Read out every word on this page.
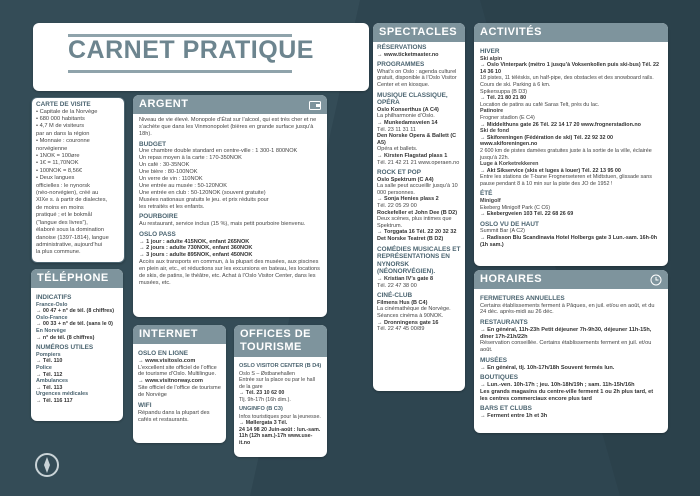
CARNET PRATIQUE
CARTE DE VISITE
• Capitale de la Norvège
• 680 000 habitants
• 4,7 M de visiteurs
par an dans la région
• Monnaie : couronne
norvégienne
• 1NOK = 100øre
• 1€ = 11,70NOK
• 100NOK = 8,56€
• Deux langues
officielles : le nynorsk
(néo-norvégien), créé au
XIXe s. à partir de dialectes,
de moins en moins
pratiqué ; et le bokmål
(“langue des livres”),
élaboré sous la domination
danoise (1397-1814), langue
administrative, aujourd’hui
la plus commune.
TÉLÉPHONE
INDICATIFS
France-Oslo
→ 00 47 + n° de tél. (8 chiffres)
Oslo-France
→ 00 33 + n° de tél. (sans le 0)
En Norvège
→ n° de tél. (8 chiffres)
NUMÉROS UTILES
Pompiers
→ Tél. 110
Police
→ Tél. 112
Ambulances
→ Tél. 113
Urgences médicales
→ Tél. 116 117
ARGENT

Niveau de vie élevé. Monopole d’État sur l’alcool, qui est très cher et ne s’achète que dans les Vinmonopolet (bières en grande surface jusqu’à 18h).

BUDGET
Une chambre double standard en centre-ville : 1 300-1 800NOK
Un repas moyen à la carte : 170-350NOK
Un café : 30-35NOK
Une bière : 80-100NOK
Un verre de vin : 110NOK
Une entrée au musée : 50-120NOK
Une entrée en club : 50-120NOK (souvent gratuite)
Musées nationaux gratuits le jeu. et prix réduits pour
les retraités et les enfants.
POURBOIRE

Au restaurant, service inclus (15 %), mais petit pourboire bienvenu.

OSLO PASS
→ 1 jour : adulte 415NOK, enfant 265NOK
→ 2 jours : adulte 730NOK, enfant 360NOK
→ 3 jours : adulte 895NOK, enfant 450NOK

Accès aux transports en commun, à la plupart des musées, aux piscines en plein air, etc., et réductions sur les excursions en bateau, les locations de skis, de patins, le théâtre, etc. Achat à l’Oslo Visitor Center, dans les musées, etc.

INTERNET
OSLO EN LIGNE
→ www.visitoslo.com

L’excellent site officiel de l’office de tourisme d’Oslo. Multilingue.

→ www.visitnorway.com

Site officiel de l’office de tourisme de Norvège

WIFI

Répandu dans la plupart des cafés et restaurants.

OFFICES DE TOURISME
OSLO VISITOR CENTER (B D4)
Oslo S – Østbanehallen
Entrée sur la place ou par le hall de la gare
→ Tél. 23 10 62 00

Tlj. 9h-17h (16h dim.).

UNGINFO (B C3)
Infos touristiques pour la jeunesse.
→ Møllergata 3 Tél.

24 14 98 20 Juin-août : lun.-sam. 11h (12h sam.)-17h www.use-it.no

SPECTACLES
RÉSERVATIONS
→ www.ticketmaster.no
PROGRAMMES
What’s on Oslo : agenda culturel gratuit, disponible à l’Oslo Visitor Center et en kiosque.
MUSIQUE CLASSIQUE, OPÉRA
Oslo Konserthus (A C4)
La philharmonie d’Oslo.
→ Munkedamsveien 14
Tél. 23 11 31 11
Den Norske Opera & Ballett (C A5)
Opéra et ballets.
→ Kirsten Flagstad plass 1
Tél. 21 42 21 21 www.operaen.no
ROCK ET POP
Oslo Spektrum (C A4)
La salle peut accueillir jusqu’à 10 000 personnes.
→ Sonja Henies plass 2
Tél. 22 05 29 00
Rockefeller et John Dee (B D2)
Deux scènes, plus intimes que Spektrum.
→ Torggata 16 Tél. 22 20 32 32
Det Norske Teatret (B D2)
COMÉDIES MUSICALES ET REPRÉSENTATIONS EN NYNORSK (NÉONORVÉGIEN).
→ Kristian IV’s gate 8
Tél. 22 47 38 00
CINÉ-CLUB
Filmens Hus (B C4)
La cinémathèque de Norvège. Séances cinéma à 90NOK.
→ Dronningens gate 16
Tél. 22 47 45 00/89
ACTIVITÉS
HIVER
Ski alpin
→ Oslo Vinterpark (métro 1 jusqu’à Voksenkollen puis ski-bus) Tél. 22 14 36 10
18 pistes, 11 téléskis, un half-pipe, des obstacles et des snowboard rails. Cours de ski. Parking à 6 km.
Spikersuppa (B D3)
→ Tél. 21 80 21 80
Location de patins au café Saras Telt, près du lac.
Patinoire
Frogner stadion (E C4)
→ Middelthuns gate 26 Tél. 22 14 17 20 www.frognerstadion.no
Ski de fond
→ Skiforeningen (Fédération de ski) Tél. 22 92 32 00 www.skiforeningen.no
2 600 km de pistes damées gratuites juste à la sortie de la ville, éclairée jusqu’à 22h.
Luge à Korketrekkeren
→ Akt Sikservice (skis et luges à louer) Tél. 22 13 95 00
Entre les stations de T-bane Frognerseteren et Midtstuen, glissade sans pause pendant 8 à 10 min sur la piste des JO de 1952 !
ÉTÉ
Minigolf
Ekeberg Minigolf Park (C C6)
→ Ekebergveien 103 Tél. 22 68 26 69
OSLO VU DE HAUT
Summit Bar (A C2)
→ Radisson Blu Scandinavia Hotel Holbergs gate 3 Lun.-sam. 16h-0h (1h sam.)
HORAIRES
FERMETURES ANNUELLES
Certains établissements ferment à Pâques, en juil. et/ou en août, et du 24 déc. après-midi au 26 déc.
RESTAURANTS
→ En général, 11h-23h Petit déjeuner 7h-9h30, déjeuner 11h-15h, dîner 17h-21h/22h
Réservation conseillée. Certains établissements ferment en juil. et/ou août.
MUSÉES
→ En général, tlj. 10h-17h/18h Souvent fermés lun.
BOUTIQUES
→ Lun.-ven. 10h-17h ; jeu. 10h-18h/19h ; sam. 11h-15h/16h
Les grands magasins du centre-ville ferment 1 ou 2h plus tard, et les centres commerciaux encore plus tard
BARS ET CLUBS
→ Ferment entre 1h et 3h
